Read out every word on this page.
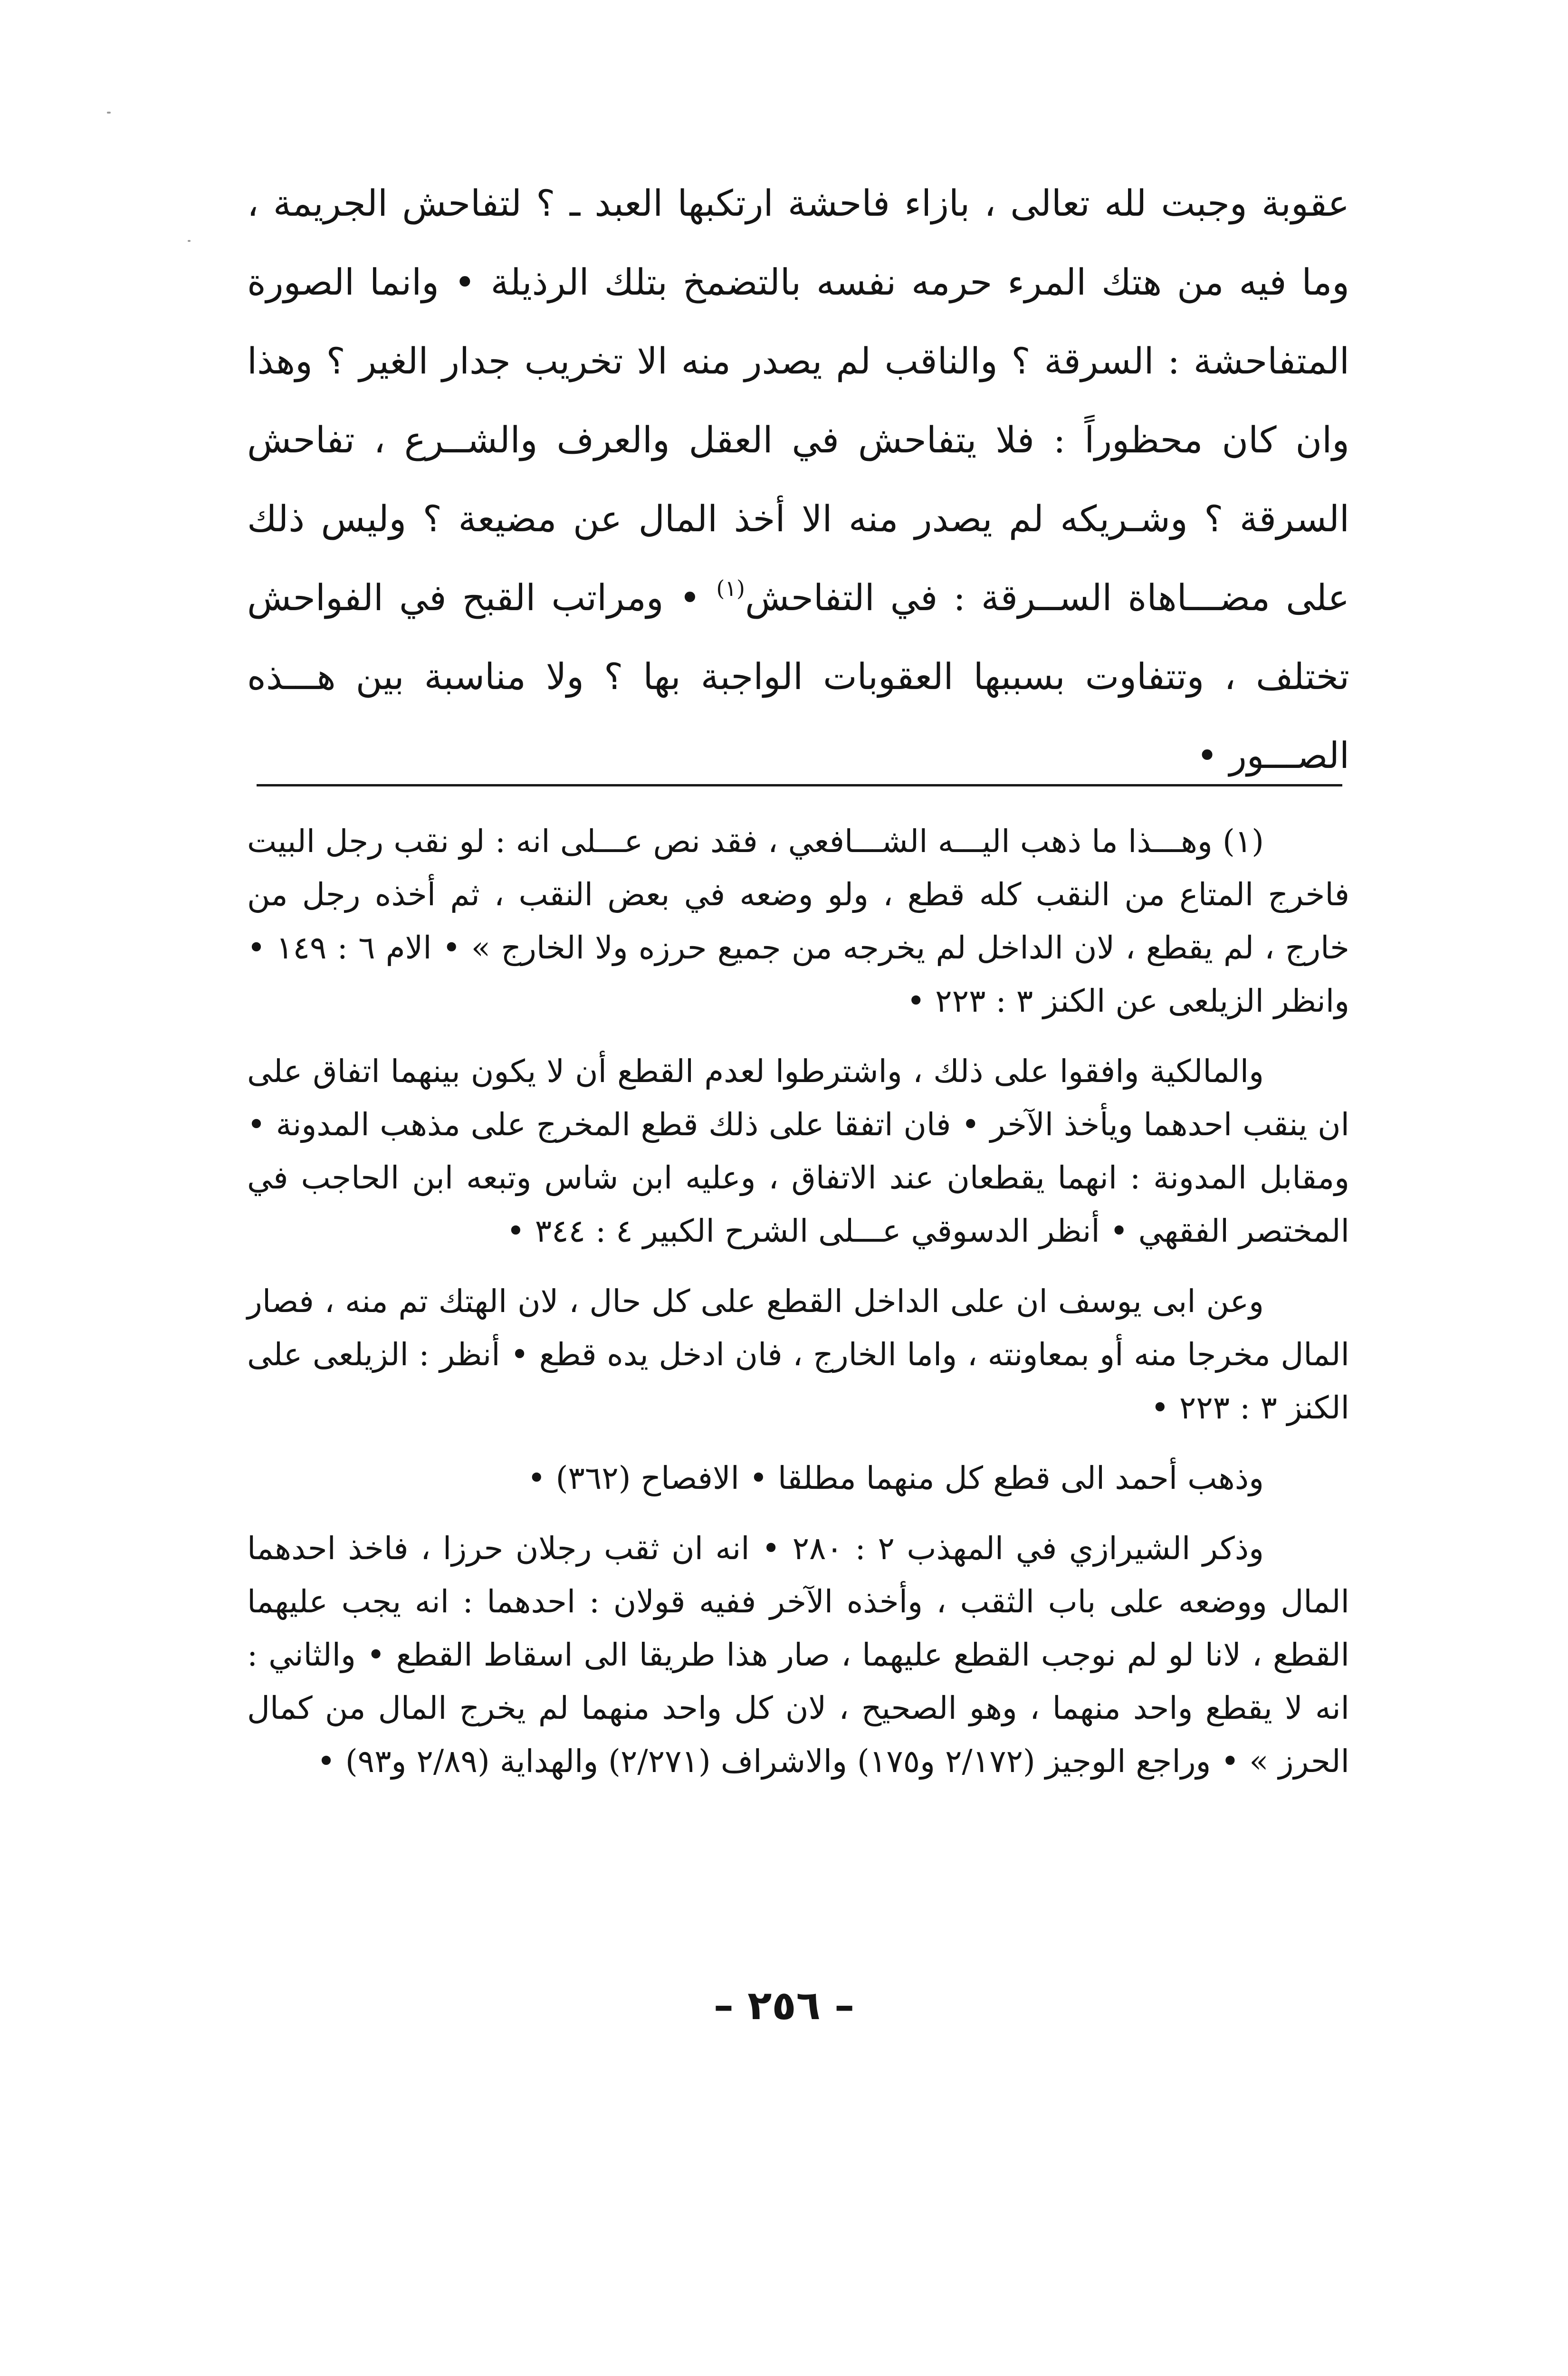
عقوبة وجبت لله تعالى ، بازاء فاحشة ارتكبها العبد ـ ؟ لتفاحش الجريمة ، وما فيه من هتك المرء حرمه نفسه بالتضمخ بتلك الرذيلة • وانما الصورة المتفاحشة : السرقة ؟ والناقب لم يصدر منه الا تخريب جدار الغير ؟ وهذا وان كان محظوراً : فلا يتفاحش في العقل والعرف والشــرع ، تفاحش السرقة ؟ وشـريكه لم يصدر منه الا أخذ المال عن مضيعة ؟ وليس ذلك على مضـــاهاة الســرقة : في التفاحش$^{(١)}$ • ومراتب القبح في الفواحش تختلف ، وتتفاوت بسببها العقوبات الواجبة بها ؟ ولا مناسبة بين هـــذه الصـــور •

(١) وهـــذا ما ذهب اليـــه الشـــافعي ، فقد نص عـــلى انه : لو نقب رجل البيت فاخرج المتاع من النقب كله قطع ، ولو وضعه في بعض النقب ، ثم أخذه رجل من خارج ، لم يقطع ، لان الداخل لم يخرجه من جميع حرزه ولا الخارج » • الام ٦ : ١٤٩ • وانظر الزيلعى عن الكنز ٣ : ٢٢٣ •

والمالكية وافقوا على ذلك ، واشترطوا لعدم القطع أن لا يكون بينهما اتفاق على ان ينقب احدهما ويأخذ الآخر • فان اتفقا على ذلك قطع المخرج على مذهب المدونة • ومقابل المدونة : انهما يقطعان عند الاتفاق ، وعليه ابن شاس وتبعه ابن الحاجب في المختصر الفقهي • أنظر الدسوقي عـــلى الشرح الكبير ٤ : ٣٤٤ •

وعن ابى يوسف ان على الداخل القطع على كل حال ، لان الهتك تم منه ، فصار المال مخرجا منه أو بمعاونته ، واما الخارج ، فان ادخل يده قطع • أنظر : الزيلعى على الكنز ٣ : ٢٢٣ •

وذهب أحمد الى قطع كل منهما مطلقا • الافصاح (٣٦٢) •

وذكر الشيرازي في المهذب ٢ : ٢٨٠ • انه ان ثقب رجلان حرزا ، فاخذ احدهما المال ووضعه على باب الثقب ، وأخذه الآخر ففيه قولان : احدهما : انه يجب عليهما القطع ، لانا لو لم نوجب القطع عليهما ، صار هذا طريقا الى اسقاط القطع • والثاني : انه لا يقطع واحد منهما ، وهو الصحيح ، لان كل واحد منهما لم يخرج المال من كمال الحرز » • وراجع الوجيز (٢/١٧٢ و١٧٥) والاشراف (٢/٢٧١) والهداية (٢/٨٩ و٩٣) •

– ٢٥٦ –
